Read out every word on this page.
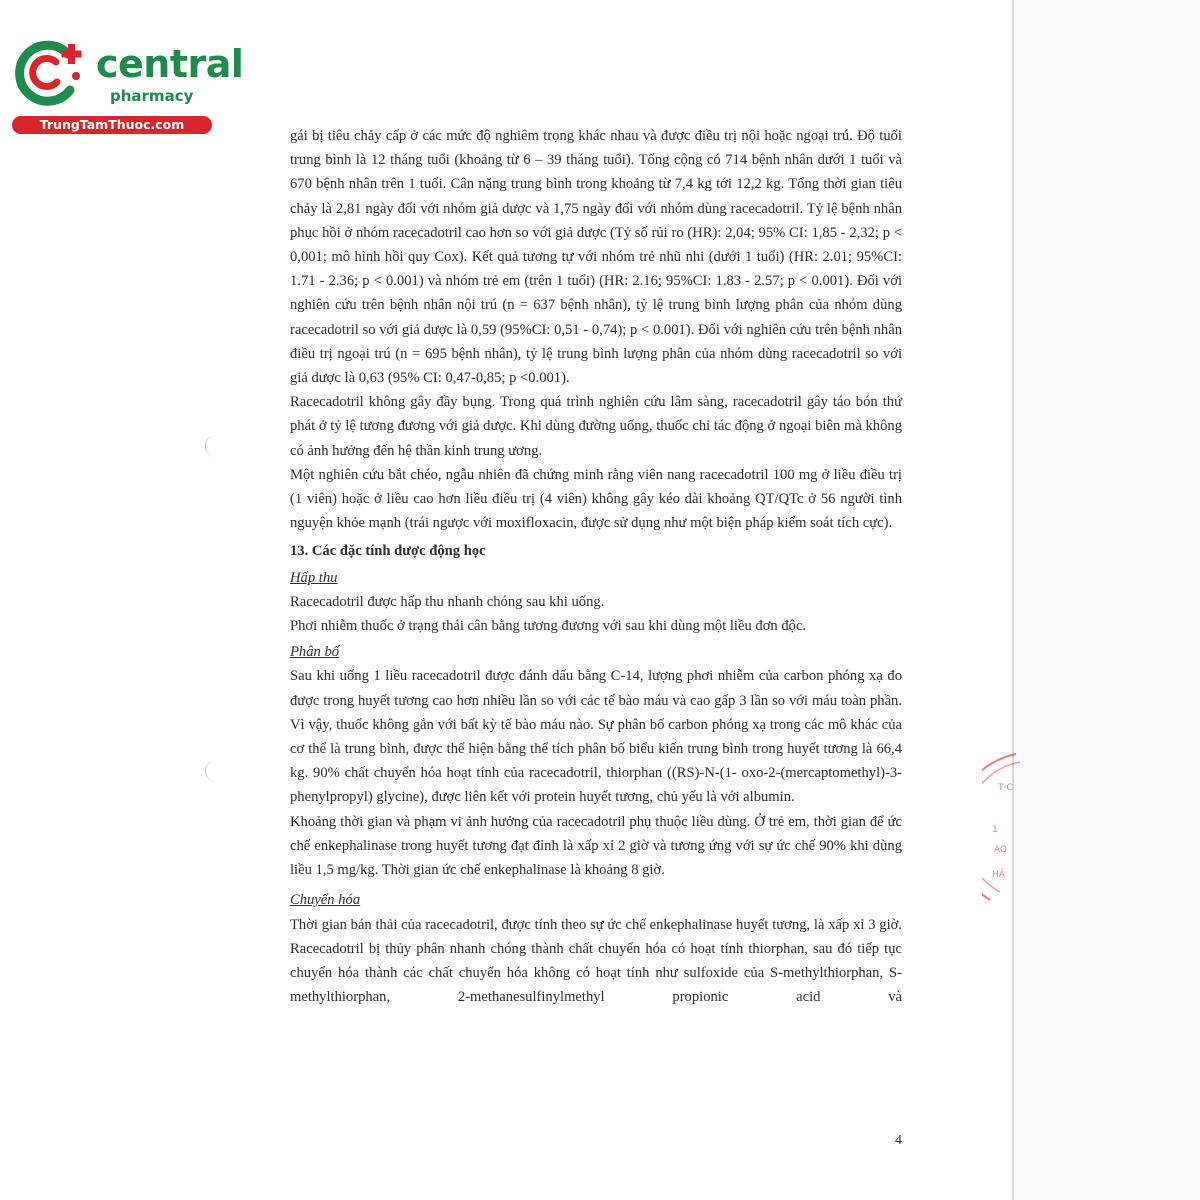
central
pharmacy
TrungTamThuoc.com
T·C
1
ÀO
HẢ

gái bị tiêu chảy cấp ở các mức độ nghiêm trọng khác nhau và được điều trị nội hoặc ngoại trú. Độ tuổi trung bình là 12 tháng tuổi (khoảng từ 6 – 39 tháng tuổi). Tổng cộng có 714 bệnh nhân dưới 1 tuổi và 670 bệnh nhân trên 1 tuổi. Cân nặng trung bình trong khoảng từ 7,4 kg tới 12,2 kg. Tổng thời gian tiêu chảy là 2,81 ngày đối với nhóm giả dược và 1,75 ngày đối với nhóm dùng racecadotril. Tỷ lệ bệnh nhân phục hồi ở nhóm racecadotril cao hơn so với giả dược (Tỷ số rủi ro (HR): 2,04; 95% CI: 1,85 - 2,32; p < 0,001; mô hình hồi quy Cox). Kết quả tương tự với nhóm trẻ nhũ nhi (dưới 1 tuổi) (HR: 2.01; 95%CI: 1.71 - 2.36; p < 0.001) và nhóm trẻ em (trên 1 tuổi) (HR: 2.16; 95%CI: 1.83 - 2.57; p < 0.001). Đối với nghiên cứu trên bệnh nhân nội trú (n = 637 bệnh nhân), tỷ lệ trung bình lượng phân của nhóm dùng racecadotril so với giả dược là 0,59 (95%CI: 0,51 - 0,74); p < 0.001). Đối với nghiên cứu trên bệnh nhân điều trị ngoại trú (n = 695 bệnh nhân), tỷ lệ trung bình lượng phân của nhóm dùng racecadotril so với giả dược là 0,63 (95% CI: 0,47-0,85; p <0.001).

Racecadotril không gây đầy bụng. Trong quá trình nghiên cứu lâm sàng, racecadotril gây táo bón thứ phát ở tỷ lệ tương đương với giả dược. Khi dùng đường uống, thuốc chỉ tác động ở ngoại biên mà không có ảnh hưởng đến hệ thần kinh trung ương.

Một nghiên cứu bắt chéo, ngẫu nhiên đã chứng minh rằng viên nang racecadotril 100 mg ở liều điều trị (1 viên) hoặc ở liều cao hơn liều điều trị (4 viên) không gây kéo dài khoảng QT/QTc ở 56 người tình nguyện khỏe mạnh (trái ngược với moxifloxacin, được sử dụng như một biện pháp kiểm soát tích cực).

13. Các đặc tính dược động học

Hấp thu

Racecadotril được hấp thu nhanh chóng sau khi uống.

Phơi nhiễm thuốc ở trạng thái cân bằng tương đương với sau khi dùng một liều đơn độc.

Phân bố

Sau khi uống 1 liều racecadotril được đánh dấu bằng C-14, lượng phơi nhiễm của carbon phóng xạ đo được trong huyết tương cao hơn nhiều lần so với các tế bào máu và cao gấp 3 lần so với máu toàn phần. Vì vậy, thuốc không gắn với bất kỳ tế bào máu nào. Sự phân bố carbon phóng xạ trong các mô khác của cơ thể là trung bình, được thể hiện bằng thể tích phân bố biểu kiến trung bình trong huyết tương là 66,4 kg. 90% chất chuyển hóa hoạt tính của racecadotril, thiorphan ((RS)-N-(1- oxo-2-(mercaptomethyl)-3-phenylpropyl) glycine), được liên kết với protein huyết tương, chủ yếu là với albumin.

Khoảng thời gian và phạm vi ảnh hưởng của racecadotril phụ thuộc liều dùng. Ở trẻ em, thời gian để ức chế enkephalinase trong huyết tương đạt đỉnh là xấp xỉ 2 giờ và tương ứng với sự ức chế 90% khi dùng liều 1,5 mg/kg. Thời gian ức chế enkephalinase là khoảng 8 giờ.

Chuyển hóa

Thời gian bán thải của racecadotril, được tính theo sự ức chế enkephalinase huyết tương, là xấp xỉ 3 giờ. Racecadotril bị thủy phân nhanh chóng thành chất chuyển hóa có hoạt tính thiorphan, sau đó tiếp tục chuyển hóa thành các chất chuyển hóa không có hoạt tính như sulfoxide của S-methylthiorphan, S-methylthiorphan, 2-methanesulfinylmethyl propionic acid và

4
